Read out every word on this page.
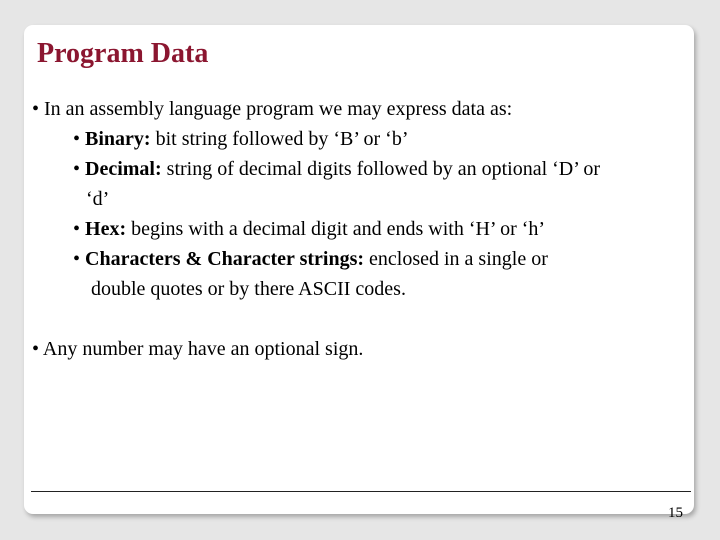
Program Data
• In an assembly language program we may express data as:
• Binary: bit string followed by ‘B’ or ‘b’
• Decimal: string of decimal digits followed by an optional ‘D’ or
‘d’
• Hex: begins with a decimal digit and ends with ‘H’ or ‘h’
• Characters & Character strings: enclosed in a single or
double quotes or by there ASCII codes.
• Any number may have an optional sign.
15
